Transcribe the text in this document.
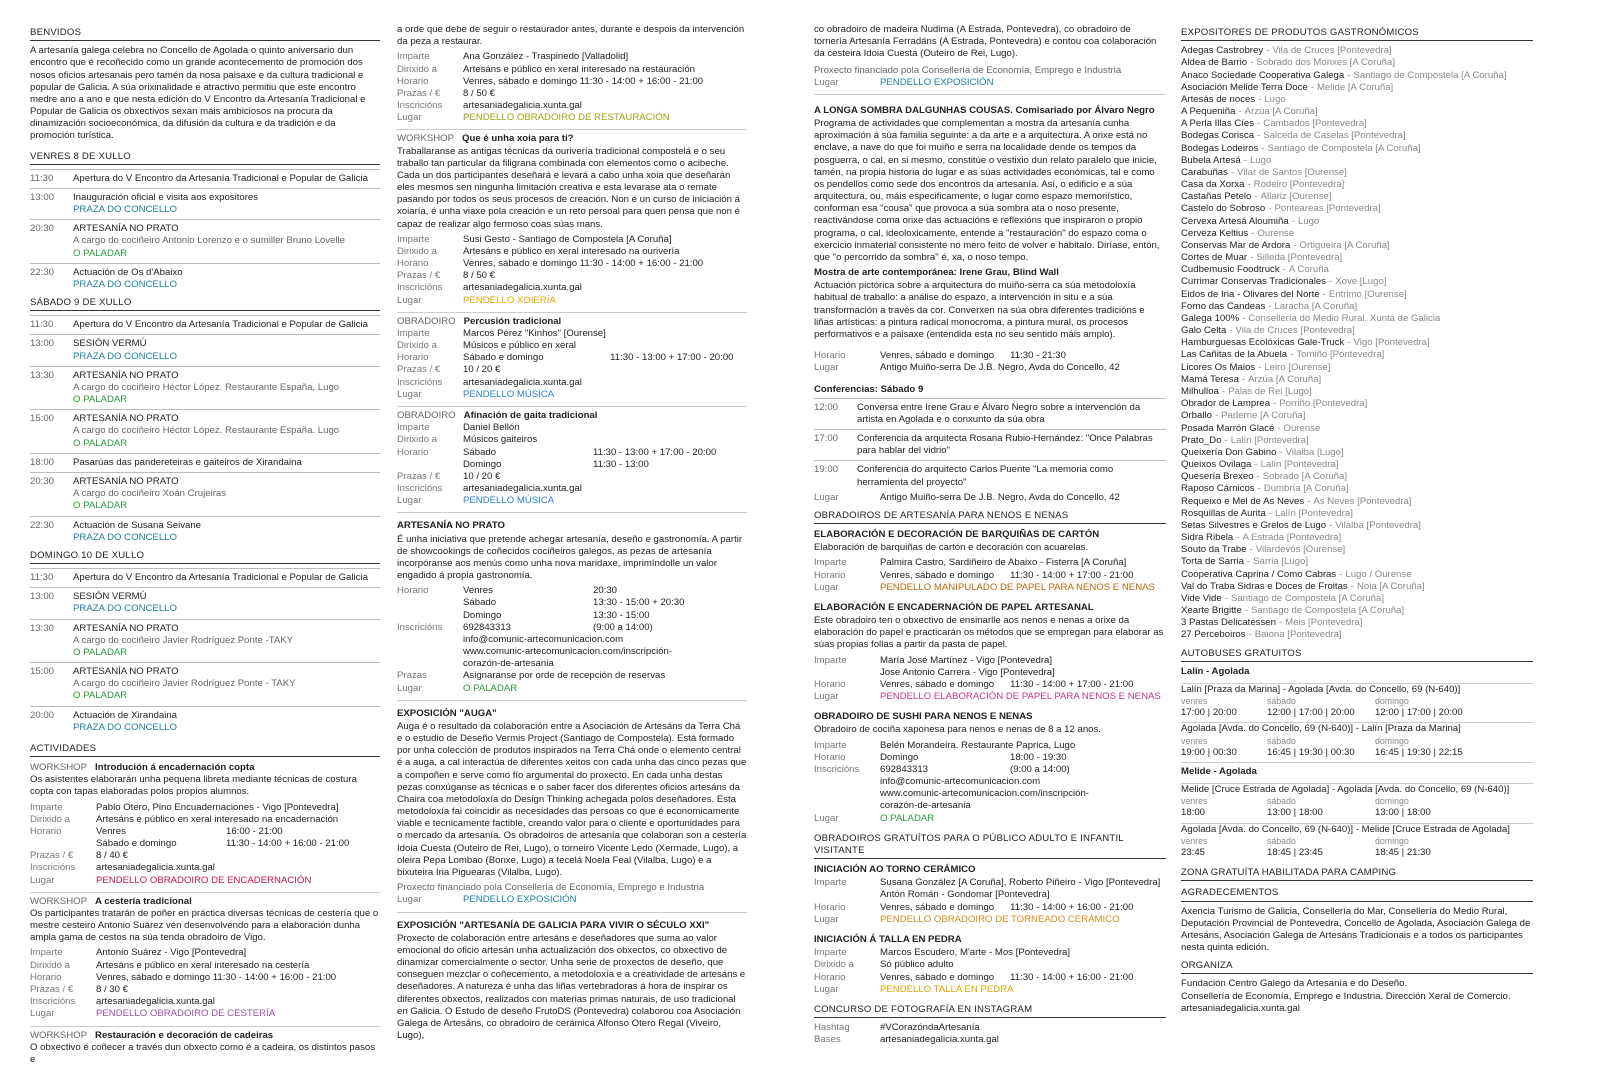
BENVIDOS
A artesanía galega celebra no Concello de Agolada o quinto aniversario dun encontro que é recoñecido como un grande acontecemento de promoción dos nosos oficios artesanais pero tamén da nosa paisaxe e da cultura tradicional e popular de Galicia. A súa orixinalidade e atractivo permitiu que este encontro medre ano a ano e que nesta edición do V Encontro da Artesanía Tradicional e Popular de Galicia os obxectivos sexan máis ambiciosos na procura da dinamización socioeconómica, da difusión da cultura e da tradición e da promoción turística.
VENRES 8 DE XULLO
11:30	Apertura do V Encontro da Artesanía Tradicional e Popular de Galicia
13:00	Inauguración oficial e visita aos expositores
PRAZA DO CONCELLO
20:30	ARTESANÍA NO PRATO
A cargo do cociñeiro Antonio Lorenzo e o sumiller Bruno Lovelle
O PALADAR
22:30	Actuación de Os d'Abaixo
PRAZA DO CONCELLO
SÁBADO 9 DE XULLO
11:30	Apertura do V Encontro da Artesanía Tradicional e Popular de Galicia
13:00	SESIÓN VERMÚ
PRAZA DO CONCELLO
13:30	ARTESANÍA NO PRATO
A cargo do cociñeiro Héctor López. Restaurante España, Lugo
O PALADAR
15:00	ARTESANÍA NO PRATO
A cargo do cociñeiro Héctor López. Restaurante España. Lugo
O PALADAR
18:00	Pasarúas das pandereteiras e gaiteiros de Xirandaina
20:30	ARTESANÍA NO PRATO
A cargo do cociñeiro Xoán Crujeiras
O PALADAR
22:30	Actuación de Susana Seivane
PRAZA DO CONCELLO
DOMINGO 10 DE XULLO
11:30	Apertura do V Encontro da Artesanía Tradicional e Popular de Galicia
13:00	SESIÓN VERMÚ
PRAZA DO CONCELLO
13:30	ARTESANÍA NO PRATO
A cargo do cociñeiro Javier Rodríguez Ponte -TAKY
O PALADAR
15:00	ARTESANÍA NO PRATO
A cargo do cociñeiro Javier Rodríguez Ponte - TAKY
O PALADAR
20:00	Actuación de Xirandaina
PRAZA DO CONCELLO
ACTIVIDADES
WORKSHOP Introdución á encadernación copta
Os asistentes elaborarán unha pequena libreta mediante técnicas de costura copta con tapas elaboradas polos propios alumnos.
Imparte	Pablo Otero, Pino Encuadernaciones - Vigo [Pontevedra]
Dirixido a	Artesáns e público en xeral interesado na encadernación
Horario	Venres	16:00 - 21:00
Sábado e domingo	11:30 - 14:00 + 16:00 - 21:00
Prazas / €	8 / 40 €
Inscricións	artesaniadegalicia.xunta.gal
Lugar	PENDELLO OBRADOIRO DE ENCADERNACIÓN
WORKSHOP A cestería tradicional
Os participantes tratarán de poñer en práctica diversas técnicas de cestería que o mestre cesteiro Antonio Suárez vén desenvolvendo para a elaboración dunha ampla gama de cestos na súa tenda obradoiro de Vigo.
Imparte	Antonio Suárez - Vigo [Pontevedra]
Dirixido a	Artesáns e público en xeral interesado na cestería
Horario	Venres, sábado e domingo 11:30 - 14:00 + 16:00 - 21:00
Prazas / €	8 / 30 €
Inscricións	artesaniadegalicia.xunta.gal
Lugar	PENDELLO OBRADOIRO DE CESTERÍA
WORKSHOP Restauración e decoración de cadeiras
O obxectivo é coñecer a través dun obxecto como é a cadeira, os distintos pasos e
a orde que debe de seguir o restaurador antes, durante e despois da intervención da peza a restaurar.
Imparte	Ana González - Traspinedo [Valladolid]
Dirixido a	Artesáns e público en xeral interesado na restauración
Horario	Venres, sábado e domingo 11:30 - 14:00 + 16:00 - 21:00
Prazas / €	8 / 50 €
Inscricións	artesaniadegalicia.xunta.gal
Lugar	PENDELLO OBRADOIRO DE RESTAURACIÓN
WORKSHOP Que é unha xoia para ti?
Traballaranse as antigas técnicas da ourivería tradicional compostelá e o seu traballo tan particular da filigrana combinada con elementos como o acibeche. Cada un dos participantes deseñará e levará a cabo unha xoia que deseñarán eles mesmos sen ningunha limitación creativa e esta levarase ata o remate pasando por todos os seus procesos de creación. Non é un curso de iniciación á xoiaría, é unha viaxe pola creación e un reto persoal para quen pensa que non é capaz de realizar algo fermoso coas súas mans.
Imparte	Susi Gesto - Santiago de Compostela [A Coruña]
Dirixido a	Artesáns e público en xeral interesado na ourivería
Horario	Venres, sábado e domingo 11:30 - 14:00 + 16:00 - 21:00
Prazas / €	8 / 50 €
Inscricións	artesaniadegalicia.xunta.gal
Lugar	PENDELLO XOIERÍA
OBRADOIRO Percusión tradicional
Imparte	Marcos Pérez "Kinhos" [Ourense]
Dirixido a	Músicos e público en xeral
Horario	Sábado e domingo                         11:30 - 13:00 + 17:00 - 20:00
Prazas / €	10 / 20 €
Inscricións	artesaniadegalicia.xunta.gal
Lugar	PENDELLO MÚSICA
OBRADOIRO Afinación de gaita tradicional
Imparte	Daniel Bellón
Dirixido a	Músicos gaiteiros
Horario	Sábado	11:30 - 13:00 + 17:00 - 20:00
Domingo	11:30 - 13:00
Prazas / €	10 / 20 €
Inscricións	artesaniadegalicia.xunta.gal
Lugar	PENDELLO MÚSICA
ARTESANÍA NO PRATO
É unha iniciativa que pretende achegar artesanía, deseño e gastronomía. A partir de showcookings de coñecidos cociñeiros galegos, as pezas de artesanía incorpóranse aos menús como unha nova maridaxe, imprimíndolle un valor engadido á propia gastronomía.
Horario	Venres	20:30
Sábado	13:30 - 15:00 + 20:30
Domingo	13:30 - 15:00
Inscricións	692843313	(9:00 a 14:00)
info@comunic-artecomunicacion.com
www.comunic-artecomunicacion.com/inscripción-corazón-de-artesania
Prazas	Asignaranse por orde de recepción de reservas
Lugar	O PALADAR
EXPOSICIÓN "AUGA"
Auga é o resultado da colaboración entre a Asociación de Artesáns da Terra Chá e o estudio de Deseño Vermis Project (Santiago de Compostela). Está formado por unha colección de produtos inspirados na Terra Chá onde o elemento central é a auga, a cal interactúa de diferentes xeitos con cada unha das cinco pezas que a compoñen e serve como fío argumental do proxecto. En cada unha destas pezas conxúganse as técnicas e o saber facer dos diferentes oficios artesáns da Chaira coa metodoloxía do Design Thinking achegada polos deseñadores. Esta metodoloxía fai coincidir as necesidades das persoas co que é economicamente viable e tecnicamente factible, creando valor para o cliente e oportunidades para o mercado da artesanía. Os obradoiros de artesanía que colaboran son a cestería Idoia Cuesta (Outeiro de Rei, Lugo), o torneiro Vicente Ledo (Xermade, Lugo), a oleira Pepa Lombao (Bonxe, Lugo) a tecelá Noela Feal (Vilalba, Lugo) e a bixuteira Iria Piguearas (Vilalba, Lugo).
Proxecto financiado pola Consellería de Economía, Emprego e Industria
Lugar	PENDELLO EXPOSICIÓN
EXPOSICIÓN "ARTESANÍA DE GALICIA PARA VIVIR O SÉCULO XXI"
Proxecto de colaboración entre artesáns e deseñadores que suma ao valor emocional do oficio artesán unha actualización dos obxectos, co obxectivo de dinamizar comercialmente o sector. Unha serie de proxectos de deseño, que conseguen mezclar o coñecemento, a metodoloxía e a creatividade de artesáns e deseñadores. A natureza é unha das liñas vertebradoras á hora de inspirar os diferentes obxectos, realizados con materias primas naturais, de uso tradicional en Galicia. O Estudo de deseño FrutoDS (Pontevedra) colaborou coa Asociación Galega de Artesáns, co obradoiro de cerámica Alfonso Otero Regal (Viveiro, Lugo),
co obradoiro de madeira Nudima (A Estrada, Pontevedra), co obradoiro de tornería Artesanía Ferradáns (A Estrada, Pontevedra) e contou coa colaboración da cesteira Idoia Cuesta (Outeiro de Rei, Lugo).
Proxecto financiado pola Consellería de Economía, Emprego e Industria
Lugar	PENDELLO EXPOSICIÓN
A LONGA SOMBRA DALGUNHAS COUSAS. Comisariado por Álvaro Negro
Programa de actividades que complementan a mostra da artesanía cunha aproximación á súa familia seguinte: a da arte e a arquitectura. A orixe está no enclave, a nave do que foi muiño e serra na localidade dende os tempos da posguerra, o cal, en si mesmo, constitúe o vestixio dun relato paralelo que inicie, tamén, na propia historia do lugar e as súas actividades económicas, tal e como os pendellos como sede dos encontros da artesanía. Así, o edificio e a súa arquitectura, ou, máis especificamente, o lugar como espazo memoriístico, conforman esa "cousa" que provoca a súa sombra ata o noso presente, reactivándose coma orixe das actuacións e reflexións que inspiraron o propio programa, o cal, ideoloxicamente, entende a "restauración" do espazo coma o exercicio inmaterial consistente no mero feito de volver e habitalo. Diríase, entón, que "o percorrido da sombra" é, xa, o noso tempo.
Mostra de arte contemporánea: Irene Grau, Blind Wall
Actuación pictórica sobre a arquitectura do muiño-serra ca súa metodoloxía habitual de traballo: a análise do espazo, a intervención in situ e a súa transformación a través da cor. Converxen na súa obra diferentes tradicións e liñas artísticas: a pintura radical monocroma, a pintura mural, os procesos performativos e a paisaxe (entendida esta no seu sentido máis amplo).
Horario	Venres, sábado e domingo      11:30 - 21:30
Lugar	Antigo Muiño-serra De J.B. Negro, Avda do Concello, 42
Conferencias: Sábado 9
12:00	Conversa entre Irene Grau e Álvaro Negro sobre a intervención da artista en Agolada e o conxunto da súa obra
17:00	Conferencia da arquitecta Rosana Rubio-Hernández: "Once Palabras para hablar del vidrio"
19:00	Conferencia do arquitecto Carlos Puente "La memoria como herramienta del proyecto"
Lugar	Antigo Muiño-serra De J.B. Negro, Avda do Concello, 42
OBRADOIROS DE ARTESANÍA PARA NENOS E NENAS
ELABORACIÓN E DECORACIÓN DE BARQUIÑAS DE CARTÓN
Elaboración de barquiñas de cartón e decoración con acuarelas.
Imparte	Palmira Castro, Sardiñeiro de Abaixo - Fisterra [A Coruña]
Horario	Venres, sábado e domingo      11:30 - 14:00 + 17:00 - 21:00
Lugar	PENDELLO MANIPULADO DE PAPEL PARA NENOS E NENAS
ELABORACIÓN E ENCADERNACIÓN DE PAPEL ARTESANAL
Este obradoiro ten o obxectivo de ensinarlle aos nenos e nenas a orixe da elaboración do papel e practicarán os métodos que se empregan para elaborar as súas propias follas a partir da pasta de papel.
Imparte	María José Martínez - Vigo [Pontevedra]
Jose Antonio Carrera - Vigo [Pontevedra]
Horario	Venres, sábado e domingo      11:30 - 14:00 + 17:00 - 21:00
Lugar	PENDELLO ELABORACIÓN DE PAPEL PARA NENOS E NENAS
OBRADOIRO DE SUSHI PARA NENOS E NENAS
Obradoiro de cociña xaponesa para nenos e nenas de 8 a 12 anos.
Imparte	Belén Morandeira. Restaurante Paprica, Lugo
Horario	Domingo	18:00 - 19:30
Inscricións	692843313	(9:00 a 14:00)
info@comunic-artecomunicacion.com
www.comunic-artecomunicacion.com/inscripción-corazón-de-artesania
Lugar	O PALADAR
OBRADOIROS GRATUÍTOS PARA O PÚBLICO ADULTO E INFANTIL VISITANTE
INICIACIÓN AO TORNO CERÁMICO
Imparte	Susana González [A Coruña], Roberto Piñeiro - Vigo [Pontevedra]
Antón Román - Gondomar [Pontevedra]
Horario	Venres, sábado e domingo      11:30 - 14:00 + 16:00 - 21:00
Lugar	PENDELLO OBRADOIRO DE TORNEADO CERÁMICO
INICIACIÓN Á TALLA EN PEDRA
Imparte	Marcos Escudero, M'arte - Mos [Pontevedra]
Dirixido a	Só público adulto
Horario	Venres, sábado e domingo      11:30 - 14:00 + 16:00 - 21:00
Lugar	PENDELLO TALLA EN PEDRA
CONCURSO DE FOTOGRAFÍA EN INSTAGRAM
Hashtag	#VCorazóndaArtesanía
Bases	artesaniadegalicia.xunta.gal
EXPOSITORES DE PRODUTOS GASTRONÓMICOS
Adegas Castrobrey - Vila de Cruces [Pontevedra]
Aldea de Barrio - Sobrado dos Monxes [A Coruña]
Anaco Sociedade Cooperativa Galega - Santiago de Compostela [A Coruña]
Asociación Melide Terra Doce - Melide [A Coruña]
Artesás de noces - Lugo
A Pequeniña - Arzúa [A Coruña]
A Perla Illas Cíes - Cambados [Pontevedra]
Bodegas Corisca - Salceda de Caselas [Pontevedra]
Bodegas Lodeiros - Santiago de Compostela [A Coruña]
Bubela Artesá - Lugo
Carabuñas - Vilar de Santos [Ourense]
Casa da Xorxa - Rodeiro [Pontevedra]
Castañas Petelo - Allariz [Ourense]
Castelo do Sobroso - Ponteareas [Pontevedra]
Cervexa Artesá Aloumiña - Lugo
Cerveza Keltius - Ourense
Conservas Mar de Ardora - Ortigueira [A Coruña]
Cortes de Muar - Silleda [Pontevedra]
Cudbemusic Foodtruck - A Coruña
Currimar Conservas Tradicionales - Xove [Lugo]
Eidos de Iria - Olivares del Norte - Entrimo [Ourense]
Forno das Candeas - Laracha [A Coruña]
Galega 100% - Consellería do Medio Rural. Xunta de Galicia
Galo Celta - Vila de Cruces [Pontevedra]
Hamburguesas Ecolóxicas Gale-Truck - Vigo [Pontevedra]
Las Cañitas de la Abuela - Tomiño [Pontevedra]
Licores Os Maios - Leiro [Ourense]
Mamá Teresa - Arzúa [A Coruña]
Milhulloa - Palas de Rei [Lugo]
Obrador de Lamprea - Porriño [Pontevedra]
Orballo - Paderne [A Coruña]
Posada Marrón Glacé - Ourense
Prato_Do - Lalín [Pontevedra]
Queixería Don Gabino - Vilalba [Lugo]
Queixos Ovilaga - Lalín [Pontevedra]
Quesería Brexeo - Sobrado [A Coruña]
Raposo Cárnicos - Dumbría [A Coruña]
Requeixo e Mel de As Neves - As Neves [Pontevedra]
Rosquillas de Aurita - Lalín [Pontevedra]
Setas Silvestres e Grelos de Lugo - Vilalba [Pontevedra]
Sidra Ribela - A Estrada [Pontevedra]
Souto da Trabe - Vilardevós [Ourense]
Torta de Sarria - Sarria [Lugo]
Cooperativa Caprina / Como Cabras - Lugo / Ourense
Val do Traba Sidras e Doces de Froitas - Noia [A Coruña]
Vide Vide - Santiago de Compostela [A Coruña]
Xearte Brigitte - Santiago de Compostela [A Coruña]
3 Pastas Delicatessen - Meis [Pontevedra]
27 Perceboiros - Baiona [Pontevedra]
AUTOBUSES GRATUITOS
Lalín - Agolada
Lalín [Praza da Marina] - Agolada [Avda. do Concello, 69 (N-640)]
venres	sábado	domingo
17:00 | 20:00	12:00 | 17:00 | 20:00	12:00 | 17:00 | 20:00
Agolada [Avda. do Concello, 69 (N-640)] - Lalín [Praza da Marina]
venres	sábado	domingo
19:00 | 00:30	16:45 | 19:30 | 00:30	16:45 | 19:30 | 22:15
Melide - Agolada
Melide [Cruce Estrada de Agolada] - Agolada [Avda. do Concello, 69 (N-640)]
venres	sábado	domingo
18:00	13:00 | 18:00	13:00 | 18:00
Agolada [Avda. do Concello, 69 (N-640)] - Melide [Cruce Estrada de Agolada]
venres	sábado	domingo
23:45	18:45 | 23:45	18:45 | 21:30
ZONA GRATUÍTA HABILITADA PARA CAMPING
AGRADECEMENTOS
Axencia Turismo de Galicia, Consellería do Mar, Consellería do Medio Rural, Deputación Provincial de Pontevedra, Concello de Agolada, Asociación Galega de Artesáns, Asociación Galega de Artesáns Tradicionais e a todos os participantes nesta quinta edición.
ORGANIZA
Fundación Centro Galego da Artesanía e do Deseño.
Consellería de Economía, Emprego e Industria. Dirección Xeral de Comercio.
artesaniadegalicia.xunta.gal
